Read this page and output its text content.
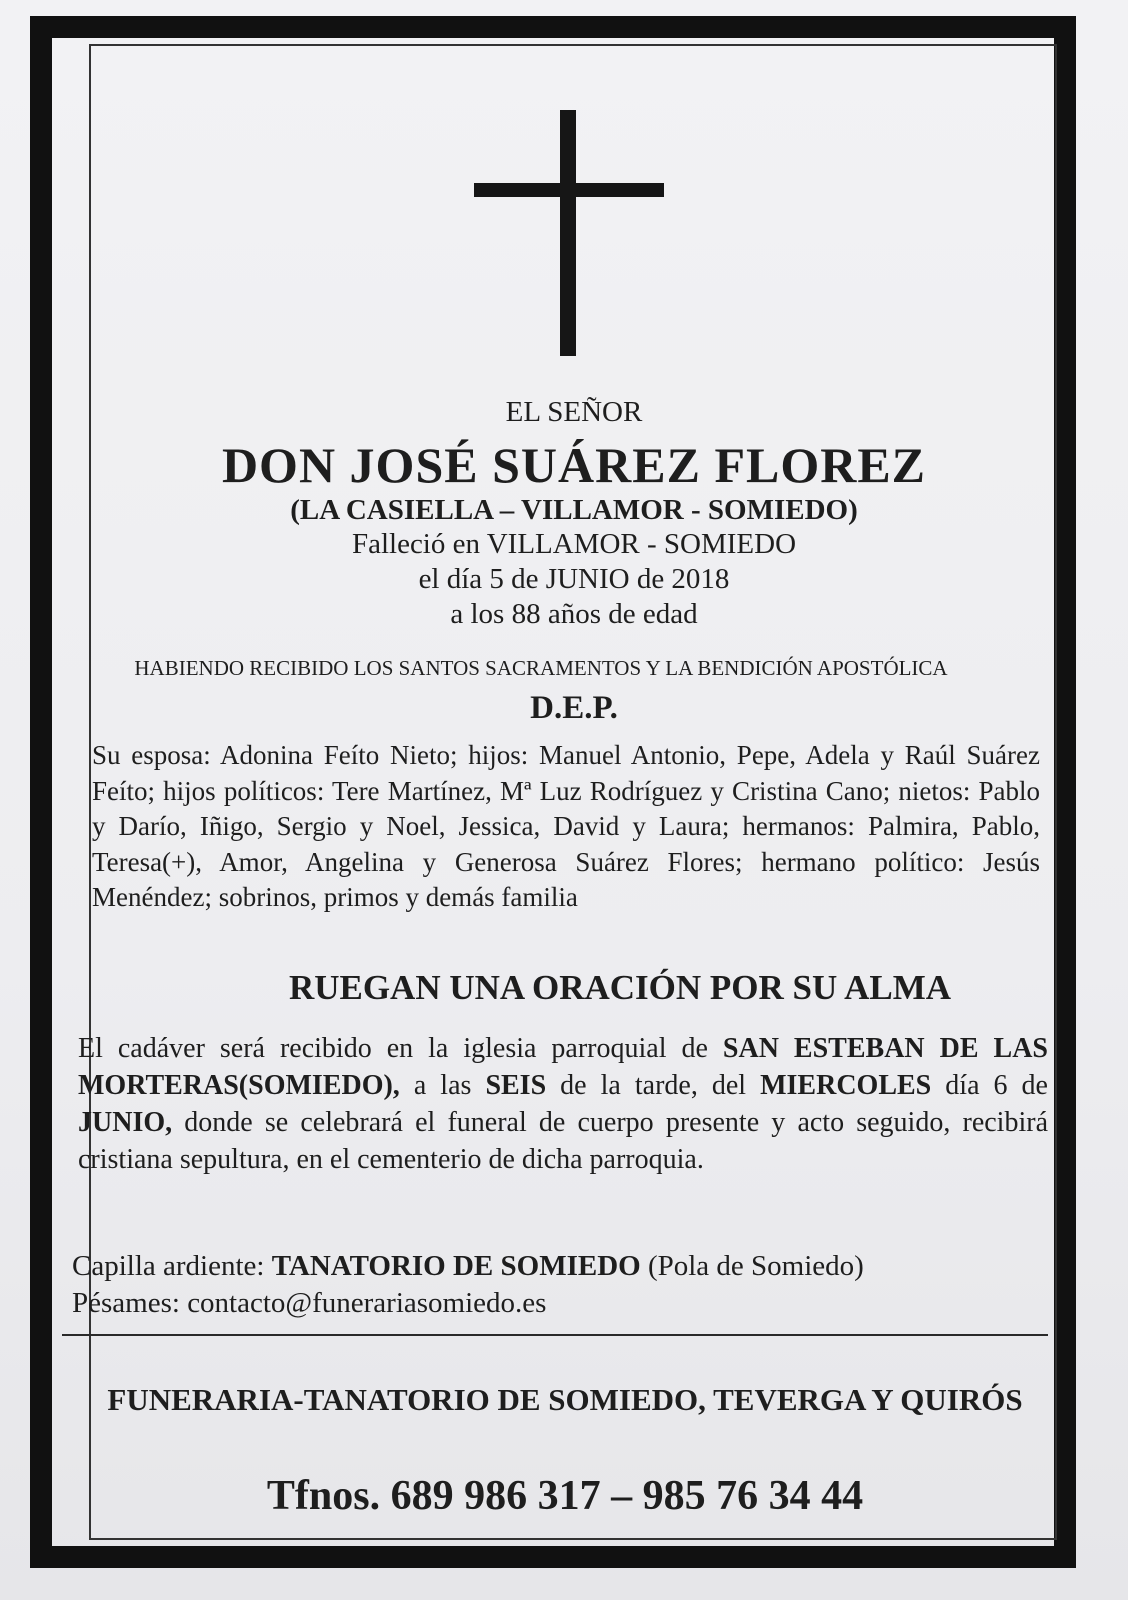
EL SEÑOR
DON JOSÉ SUÁREZ FLOREZ
(LA CASIELLA – VILLAMOR - SOMIEDO)
Falleció en VILLAMOR - SOMIEDO
el día 5 de JUNIO de 2018
a los 88 años de edad
HABIENDO RECIBIDO LOS SANTOS SACRAMENTOS Y LA BENDICIÓN APOSTÓLICA
D.E.P.
Su esposa: Adonina Feíto Nieto; hijos: Manuel Antonio, Pepe, Adela y Raúl Suárez Feíto; hijos políticos: Tere Martínez, Mª Luz Rodríguez y Cristina Cano; nietos: Pablo y Darío, Iñigo, Sergio y Noel, Jessica, David y Laura; hermanos: Palmira, Pablo, Teresa(+), Amor, Angelina y Generosa Suárez Flores; hermano político: Jesús Menéndez; sobrinos, primos y demás familia
RUEGAN UNA ORACIÓN POR SU ALMA
El cadáver será recibido en la iglesia parroquial de SAN ESTEBAN DE LAS MORTERAS(SOMIEDO), a las SEIS de la tarde, del MIERCOLES día 6 de JUNIO, donde se celebrará el funeral de cuerpo presente y acto seguido, recibirá cristiana sepultura, en el cementerio de dicha parroquia.
Capilla ardiente: TANATORIO DE SOMIEDO (Pola de Somiedo)
Pésames: contacto@funerariasomiedo.es
FUNERARIA-TANATORIO DE SOMIEDO, TEVERGA Y QUIRÓS
Tfnos. 689 986 317 – 985 76 34 44
